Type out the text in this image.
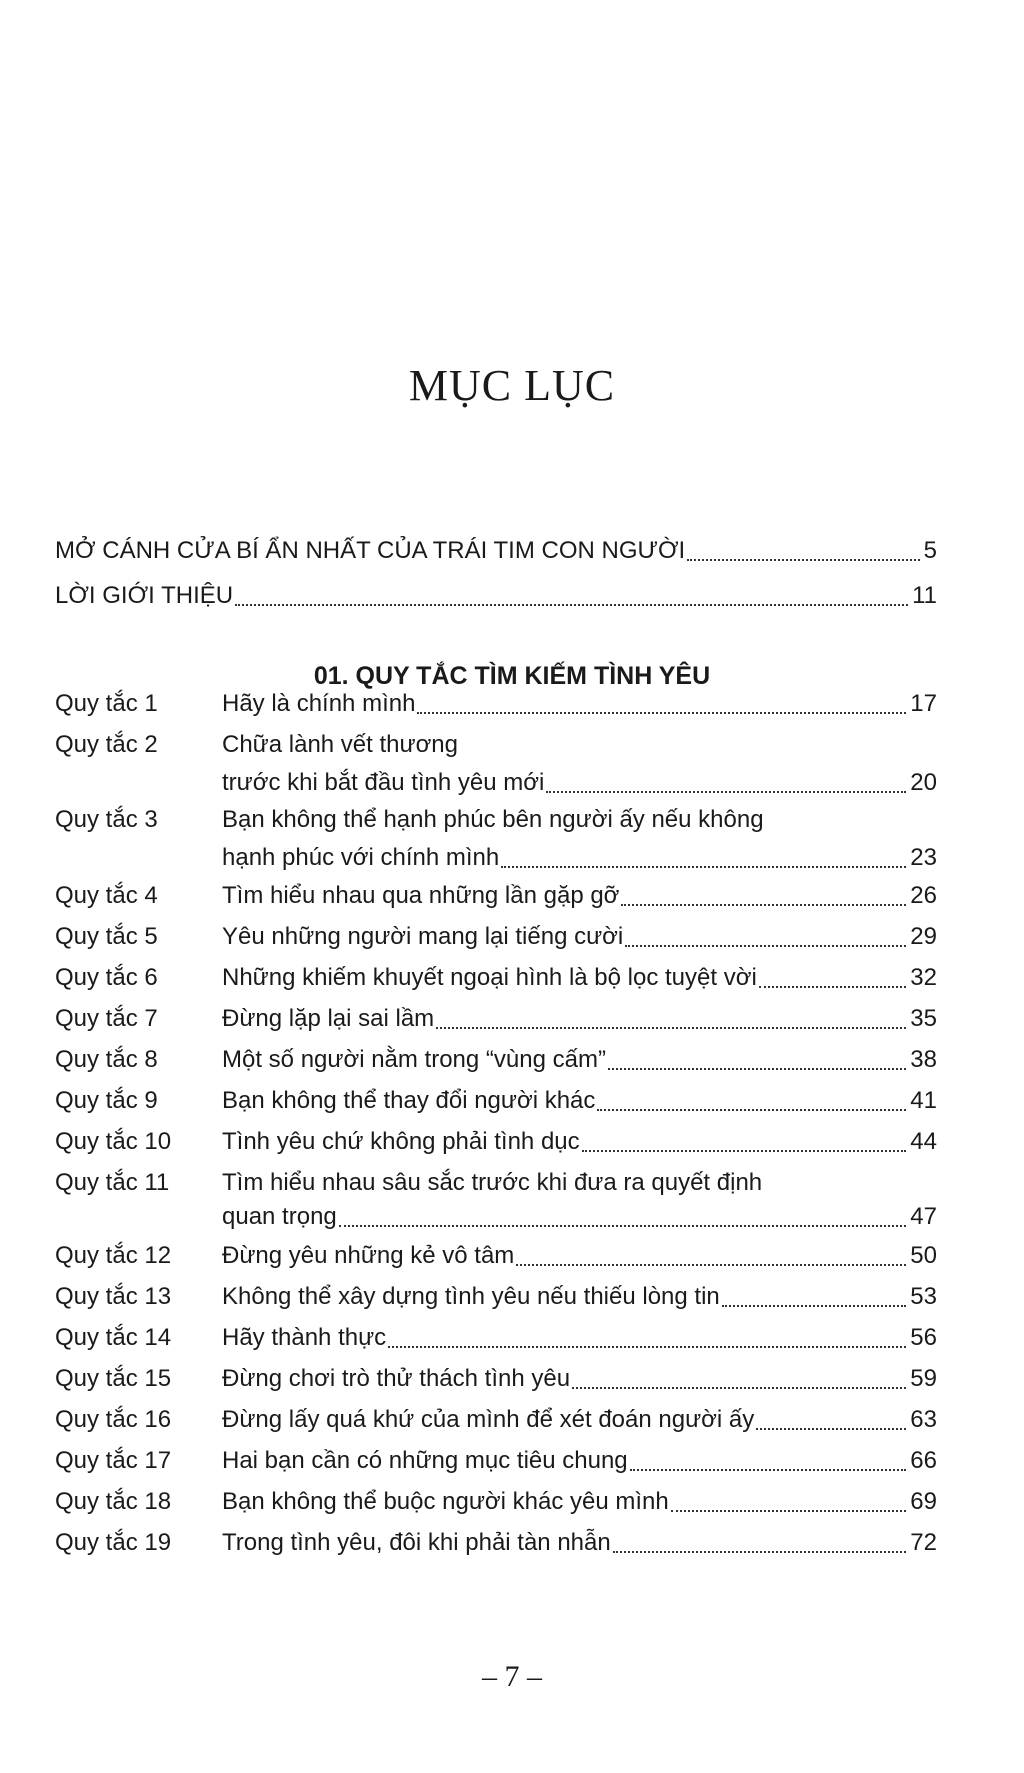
MỤC LỤC
MỞ CÁNH CỬA BÍ ẨN NHẤT CỦA TRÁI TIM CON NGƯỜI	5
LỜI GIỚI THIỆU	11
01. QUY TẮC TÌM KIẾM TÌNH YÊU
Quy tắc 1	Hãy là chính mình	17
Quy tắc 2	Chữa lành vết thương
trước khi bắt đầu tình yêu mới	20
Quy tắc 3	Bạn không thể hạnh phúc bên người ấy nếu không
hạnh phúc với chính mình	23
Quy tắc 4	Tìm hiểu nhau qua những lần gặp gỡ	26
Quy tắc 5	Yêu những người mang lại tiếng cười	29
Quy tắc 6	Những khiếm khuyết ngoại hình là bộ lọc tuyệt vời	32
Quy tắc 7	Đừng lặp lại sai lầm	35
Quy tắc 8	Một số người nằm trong “vùng cấm”	38
Quy tắc 9	Bạn không thể thay đổi người khác	41
Quy tắc 10	Tình yêu chứ không phải tình dục	44
Quy tắc 11	Tìm hiểu nhau sâu sắc trước khi đưa ra quyết định
quan trọng	47
Quy tắc 12	Đừng yêu những kẻ vô tâm	50
Quy tắc 13	Không thể xây dựng tình yêu nếu thiếu lòng tin	53
Quy tắc 14	Hãy thành thực	56
Quy tắc 15	Đừng chơi trò thử thách tình yêu	59
Quy tắc 16	Đừng lấy quá khứ của mình để xét đoán người ấy	63
Quy tắc 17	Hai bạn cần có những mục tiêu chung	66
Quy tắc 18	Bạn không thể buộc người khác yêu mình	69
Quy tắc 19	Trong tình yêu, đôi khi phải tàn nhẫn	72
– 7 –
